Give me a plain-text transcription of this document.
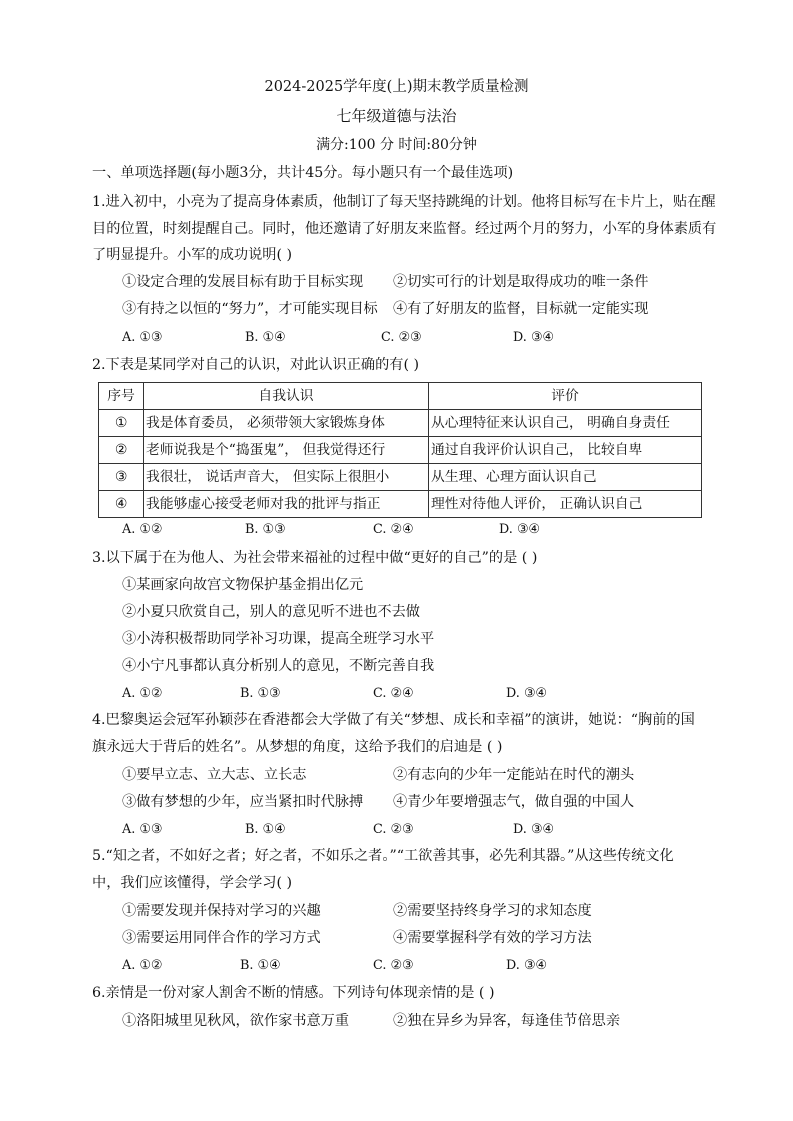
2024-2025学年度(上)期末教学质量检测
七年级道德与法治
满分:100 分 时间:80分钟
一、单项选择题(每小题3分，共计45分。每小题只有一个最佳选项)
1.进入初中，小亮为了提高身体素质，他制订了每天坚持跳绳的计划。他将目标写在卡片上，贴在醒
目的位置，时刻提醒自己。同时，他还邀请了好朋友来监督。经过两个月的努力，小军的身体素质有
了明显提升。小军的成功说明( )
①设定合理的发展目标有助于目标实现 ②切实可行的计划是取得成功的唯一条件
③有持之以恒的“努力”，才可能实现目标 ④有了好朋友的监督，目标就一定能实现
A. ①③	B. ①④	C. ②③	D. ③④
2.下表是某同学对自己的认识，对此认识正确的有( )
序号	自我认识	评价
①	我是体育委员， 必须带领大家锻炼身体	从心理特征来认识自己， 明确自身责任
②	老师说我是个“捣蛋鬼”， 但我觉得还行	通过自我评价认识自己， 比较自卑
③	我很壮， 说话声音大， 但实际上很胆小	从生理、心理方面认识自己
④	我能够虚心接受老师对我的批评与指正	理性对待他人评价， 正确认识自己
A. ①②	B. ①③	C. ②④	D. ③④
3.以下属于在为他人、为社会带来福祉的过程中做“更好的自己”的是 ( )
①某画家向故宫文物保护基金捐出亿元
②小夏只欣赏自己，别人的意见听不进也不去做
③小涛积极帮助同学补习功课，提高全班学习水平
④小宁凡事都认真分析别人的意见，不断完善自我
A. ①②	B. ①③	C. ②④	D. ③④
4.巴黎奥运会冠军孙颖莎在香港都会大学做了有关“梦想、成长和幸福”的演讲，她说：“胸前的国
旗永远大于背后的姓名”。从梦想的角度，这给予我们的启迪是 ( )
①要早立志、立大志、立长志	②有志向的少年一定能站在时代的潮头
③做有梦想的少年，应当紧扣时代脉搏 ④青少年要增强志气，做自强的中国人
A. ①③	B. ①④	C. ②③	D. ③④
5.“知之者，不如好之者；好之者，不如乐之者。”“工欲善其事，必先利其器。”从这些传统文化
中，我们应该懂得，学会学习( )
①需要发现并保持对学习的兴趣	②需要坚持终身学习的求知态度
③需要运用同伴合作的学习方式	④需要掌握科学有效的学习方法
A. ①②	B. ①④	C. ②③	D. ③④
6.亲情是一份对家人割舍不断的情感。下列诗句体现亲情的是 ( )
①洛阳城里见秋风，欲作家书意万重	②独在异乡为异客，每逢佳节倍思亲
